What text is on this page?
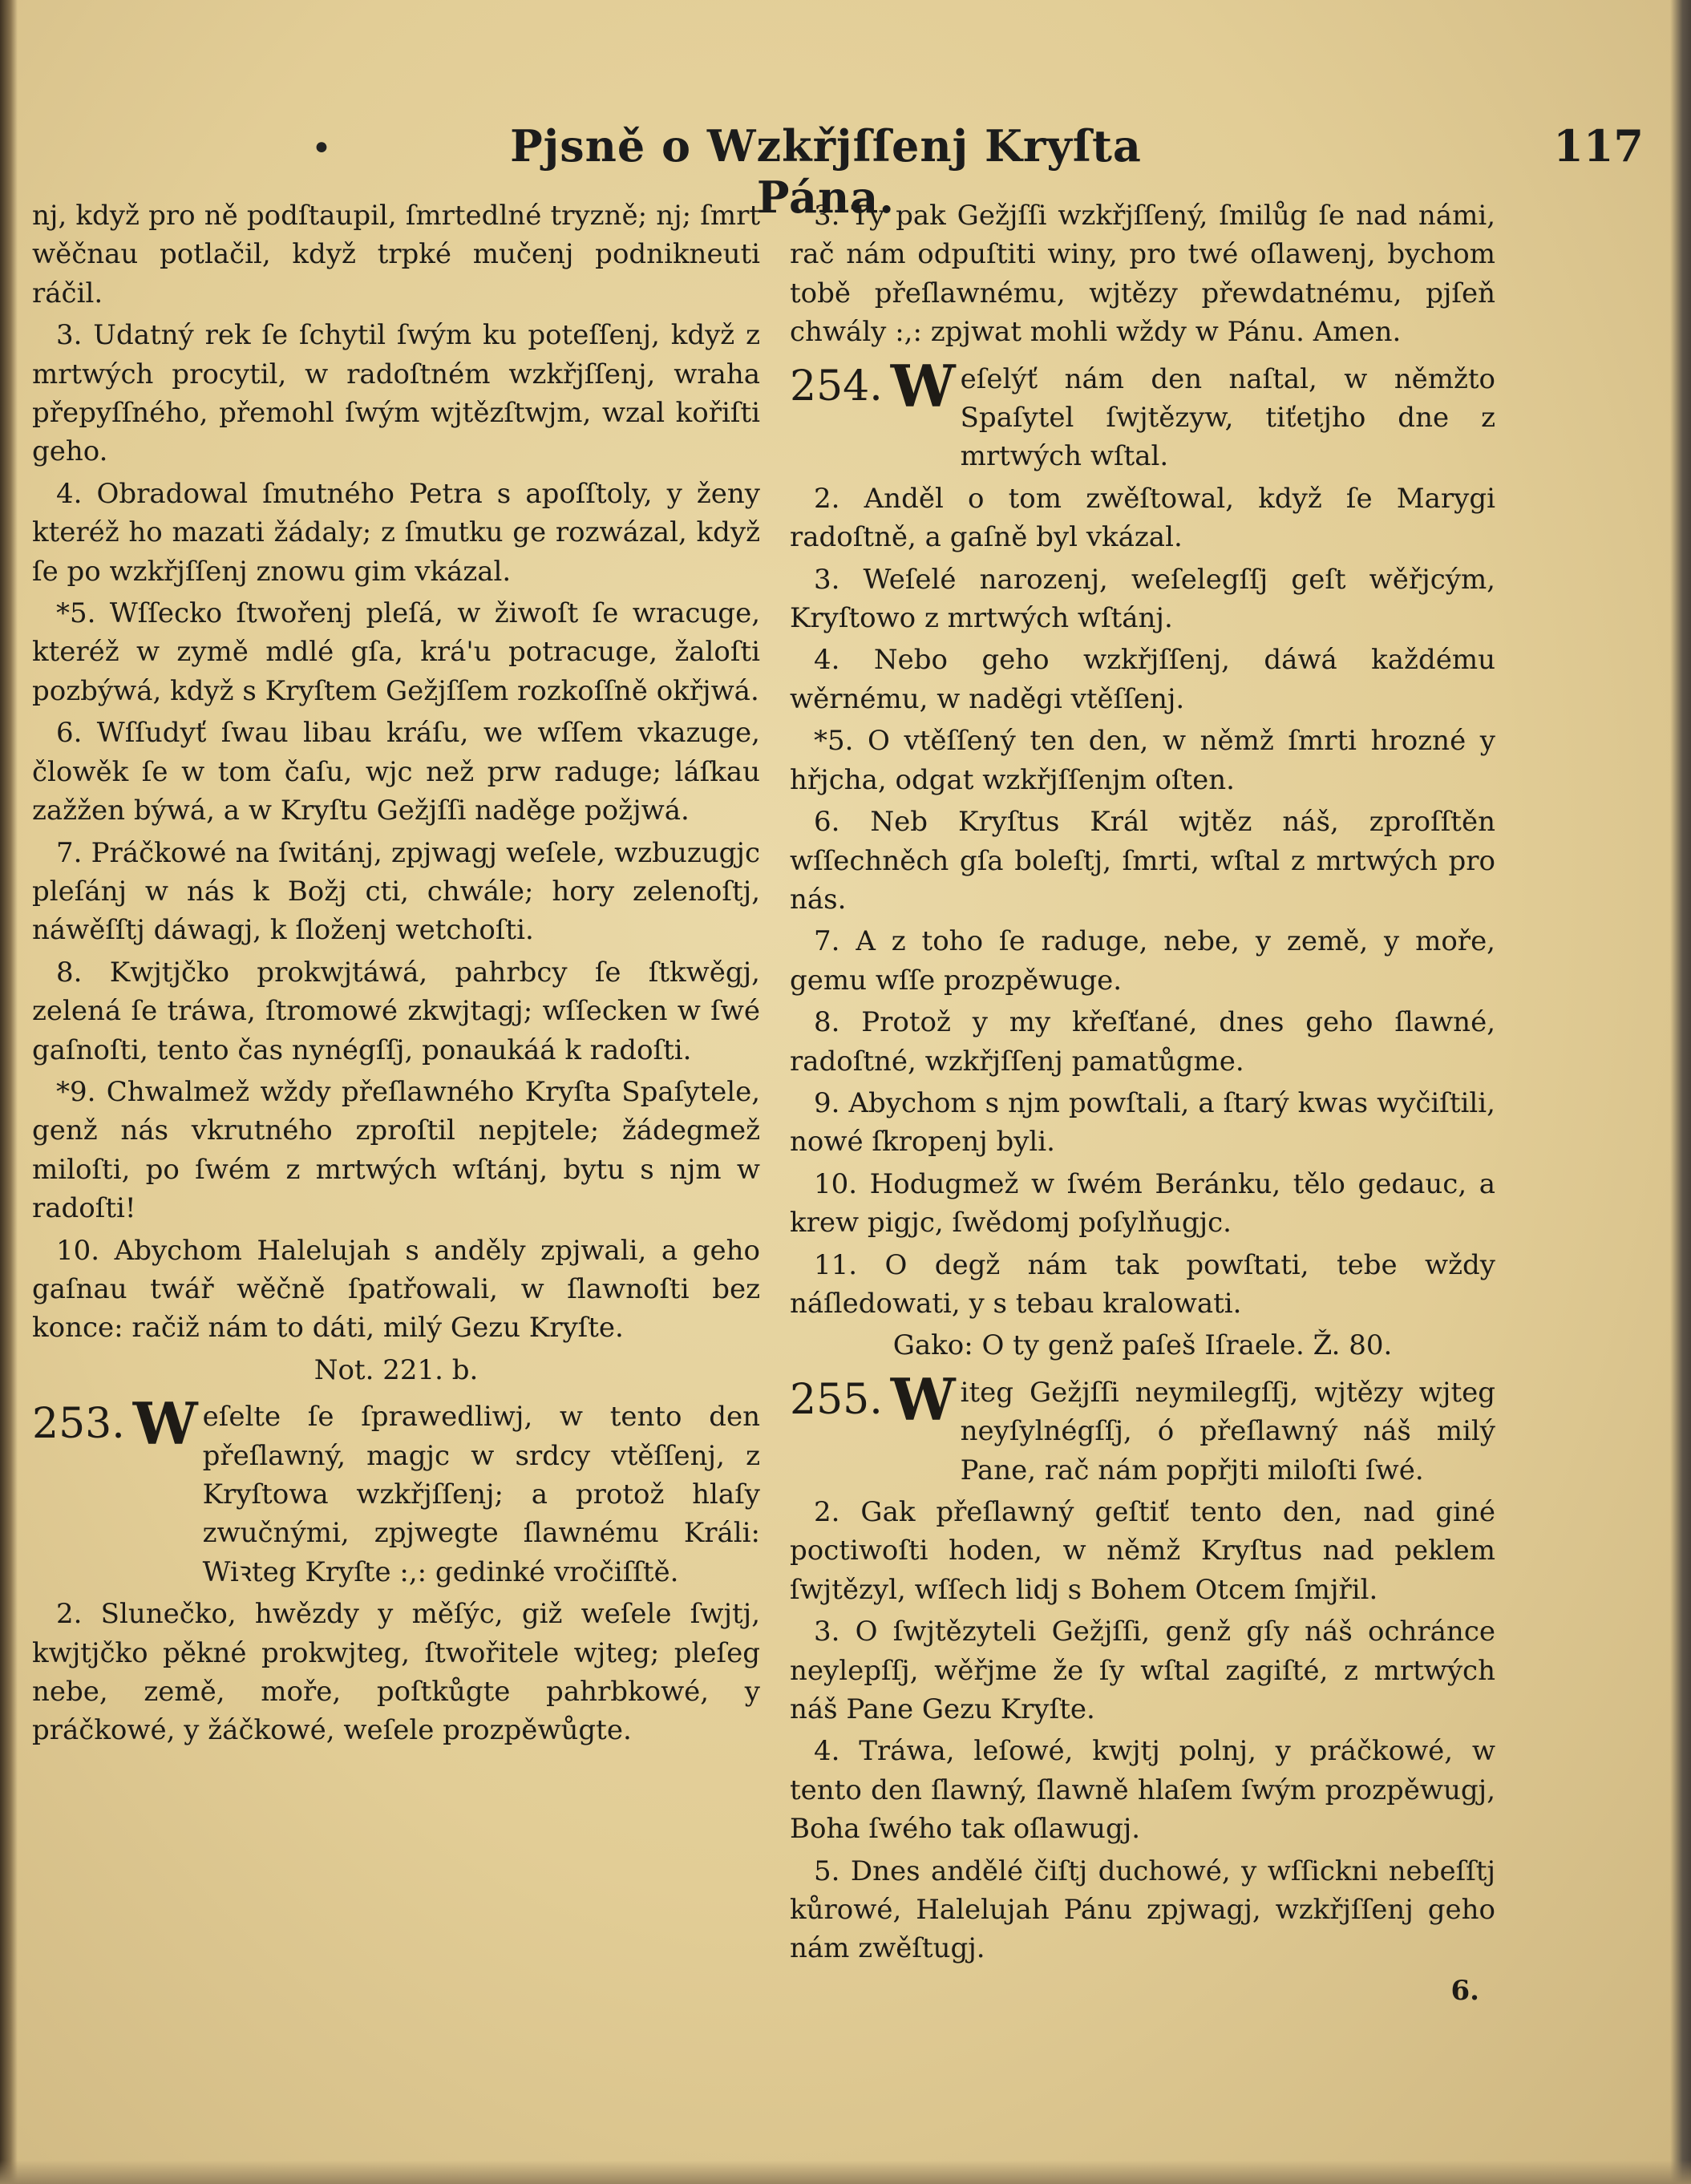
•	Pjsně o Wzkřjſſenj Kryſta Pána.
117

nj, když pro ně podſtaupil, ſmrtedlné tryzně; nj; ſmrt wěčnau potlačil, když trpké mučenj podnikneuti ráčil.

3. Udatný rek ſe ſchytil ſwým ku poteſſenj, když z mrtwých procytil, w radoſtném wzkřjſſenj, wraha přepyſſného, přemohl ſwým wjtězſtwjm, wzal kořiſti geho.

4. Obradowal ſmutného Petra s apoſſtoly, y ženy kteréž ho mazati žádaly; z ſmutku ge rozwázal, když ſe po wzkřjſſenj znowu gim vkázal.

*5. Wſſecko ſtwořenj pleſá, w žiwoſt ſe wracuge, kteréž w zymě mdlé gſa, krá'u potracuge, žaloſti pozbýwá, když s Kryſtem Gežjſſem rozkoſſně okřjwá.

6. Wſſudyť ſwau libau kráſu, we wſſem vkazuge, člowěk ſe w tom čaſu, wjc než prw raduge; láſkau zažžen býwá, a w Kryſtu Gežjſſi naděge požjwá.

7. Práčkowé na ſwitánj, zpjwagj weſele, wzbuzugjc pleſánj w nás k Božj cti, chwále; hory zelenoſtj, náwěſſtj dáwagj, k ſloženj wetchoſti.

8. Kwjtjčko prokwjtáwá, pahrbcy ſe ſtkwěgj, zelená ſe tráwa, ſtromowé zkwjtagj; wſſecken w ſwé gaſnoſti, tento čas nynégſſj, ponaukáá k radoſti.

*9. Chwalmež wždy přeſlawného Kryſta Spaſytele, genž nás vkrutného zproſtil nepjtele; žádegmež miloſti, po ſwém z mrtwých wſtánj, bytu s njm w radoſti!

10. Abychom Halelujah s anděly zpjwali, a geho gaſnau twář wěčně ſpatřowali, w ſlawnoſti bez konce: račiž nám to dáti, milý Gezu Kryſte.

Not. 221. b.
253. W eſelte ſe ſprawedliwj, w tento den přeſlawný, magjc w srdcy vtěſſenj, z Kryſtowa wzkřjſſenj; a protož hlaſy zwučnými, zpjwegte ſlawnému Králi: Wiꝛteg Kryſte :,: gedinké vročiſſtě.

2. Slunečko, hwězdy y měſýc, giž weſele ſwjtj, kwjtjčko pěkné prokwjteg, ſtwořitele wjteg; pleſeg nebe, země, moře, poſtkůgte pahrbkowé, y práčkowé, y žáčkowé, weſele prozpěwůgte.

3. Ty pak Gežjſſi wzkřjſſený, ſmilůg ſe nad námi, rač nám odpuſtiti winy, pro twé oſlawenj, bychom tobě přeſlawnému, wjtězy přewdatnému, pjſeň chwály :,: zpjwat mohli wždy w Pánu. Amen.

254. W eſelýť nám den naſtal, w němžto Spaſytel ſwjtězyw, tiťetjho dne z mrtwých wſtal.

2. Anděl o tom zwěſtowal, když ſe Marygi radoſtně, a gaſně byl vkázal.

3. Weſelé narozenj, weſelegſſj geſt wěřjcým, Kryſtowo z mrtwých wſtánj.

4. Nebo geho wzkřjſſenj, dáwá každému wěrnému, w naděgi vtěſſenj.

*5. O vtěſſený ten den, w němž ſmrti hrozné y hřjcha, odgat wzkřjſſenjm oſten.

6. Neb Kryſtus Král wjtěz náš, zproſſtěn wſſechněch gſa boleſtj, ſmrti, wſtal z mrtwých pro nás.

7. A z toho ſe raduge, nebe, y země, y moře, gemu wſſe prozpěwuge.

8. Protož y my křeſťané, dnes geho ſlawné, radoſtné, wzkřjſſenj pamatůgme.

9. Abychom s njm powſtali, a ſtarý kwas wyčiſtili, nowé ſkropenj byli.

10. Hodugmež w ſwém Beránku, tělo gedauc, a krew pigjc, ſwědomj poſylňugjc.

11. O degž nám tak powſtati, tebe wždy náſledowati, y s tebau kralowati.

Gako: O ty genž paſeš Iſraele. Ž. 80.
255. W iteg Gežjſſi neymilegſſj, wjtězy wjteg neyſylnégſſj, ó přeſlawný náš milý Pane, rač nám popřjti miloſti ſwé.

2. Gak přeſlawný geſtiť tento den, nad giné poctiwoſti hoden, w němž Kryſtus nad peklem ſwjtězyl, wſſech lidj s Bohem Otcem ſmjřil.

3. O ſwjtězyteli Gežjſſi, genž gſy náš ochránce neylepſſj, wěřjme že ſy wſtal zagiſté, z mrtwých náš Pane Gezu Kryſte.

4. Tráwa, leſowé, kwjtj polnj, y práčkowé, w tento den ſlawný, ſlawně hlaſem ſwým prozpěwugj, Boha ſwého tak oſlawugj.

5. Dnes andělé čiſtj duchowé, y wſſickni nebeſſtj kůrowé, Halelujah Pánu zpjwagj, wzkřjſſenj geho nám zwěſtugj.

6.
